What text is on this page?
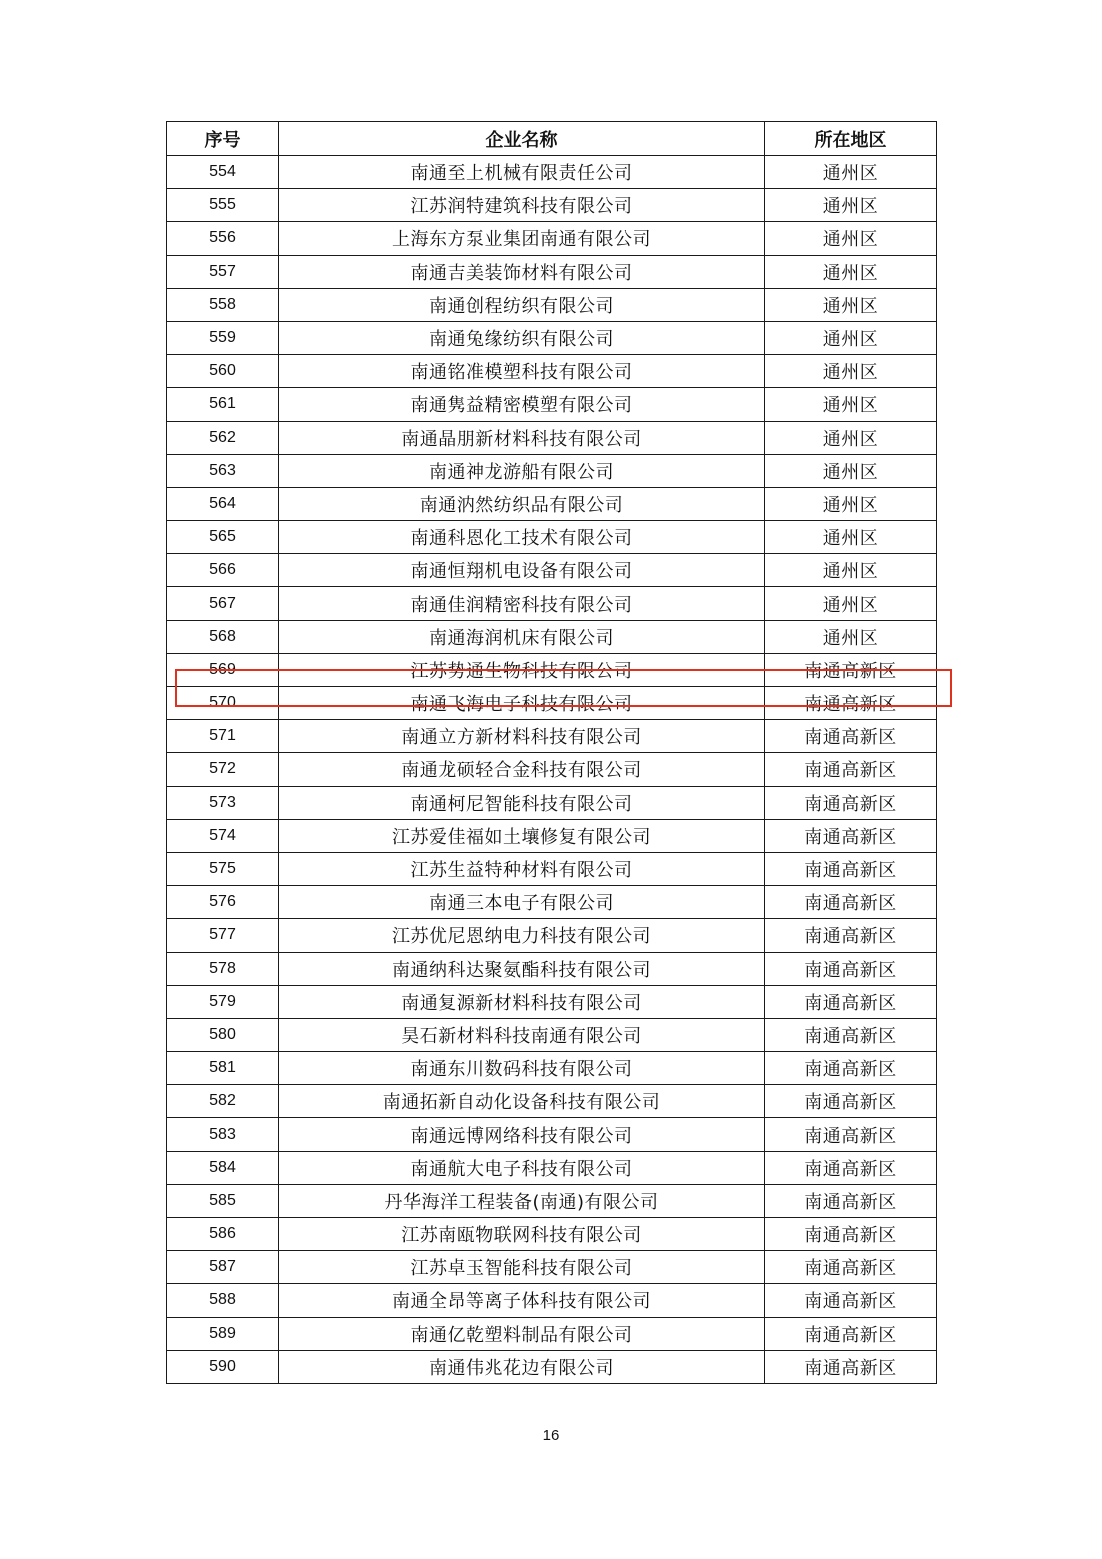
序号	企业名称	所在地区
554	南通至上机械有限责任公司	通州区
555	江苏润特建筑科技有限公司	通州区
556	上海东方泵业集团南通有限公司	通州区
557	南通吉美装饰材料有限公司	通州区
558	南通创程纺织有限公司	通州区
559	南通兔缘纺织有限公司	通州区
560	南通铭准模塑科技有限公司	通州区
561	南通隽益精密模塑有限公司	通州区
562	南通晶朋新材料科技有限公司	通州区
563	南通神龙游船有限公司	通州区
564	南通汭然纺织品有限公司	通州区
565	南通科恩化工技术有限公司	通州区
566	南通恒翔机电设备有限公司	通州区
567	南通佳润精密科技有限公司	通州区
568	南通海润机床有限公司	通州区
569	江苏势通生物科技有限公司	南通高新区
570	南通飞海电子科技有限公司	南通高新区
571	南通立方新材料科技有限公司	南通高新区
572	南通龙硕轻合金科技有限公司	南通高新区
573	南通柯尼智能科技有限公司	南通高新区
574	江苏爱佳福如土壤修复有限公司	南通高新区
575	江苏生益特种材料有限公司	南通高新区
576	南通三本电子有限公司	南通高新区
577	江苏优尼恩纳电力科技有限公司	南通高新区
578	南通纳科达聚氨酯科技有限公司	南通高新区
579	南通复源新材料科技有限公司	南通高新区
580	昊石新材料科技南通有限公司	南通高新区
581	南通东川数码科技有限公司	南通高新区
582	南通拓新自动化设备科技有限公司	南通高新区
583	南通远博网络科技有限公司	南通高新区
584	南通航大电子科技有限公司	南通高新区
585	丹华海洋工程装备(南通)有限公司	南通高新区
586	江苏南瓯物联网科技有限公司	南通高新区
587	江苏卓玉智能科技有限公司	南通高新区
588	南通全昂等离子体科技有限公司	南通高新区
589	南通亿乾塑料制品有限公司	南通高新区
590	南通伟兆花边有限公司	南通高新区
16
